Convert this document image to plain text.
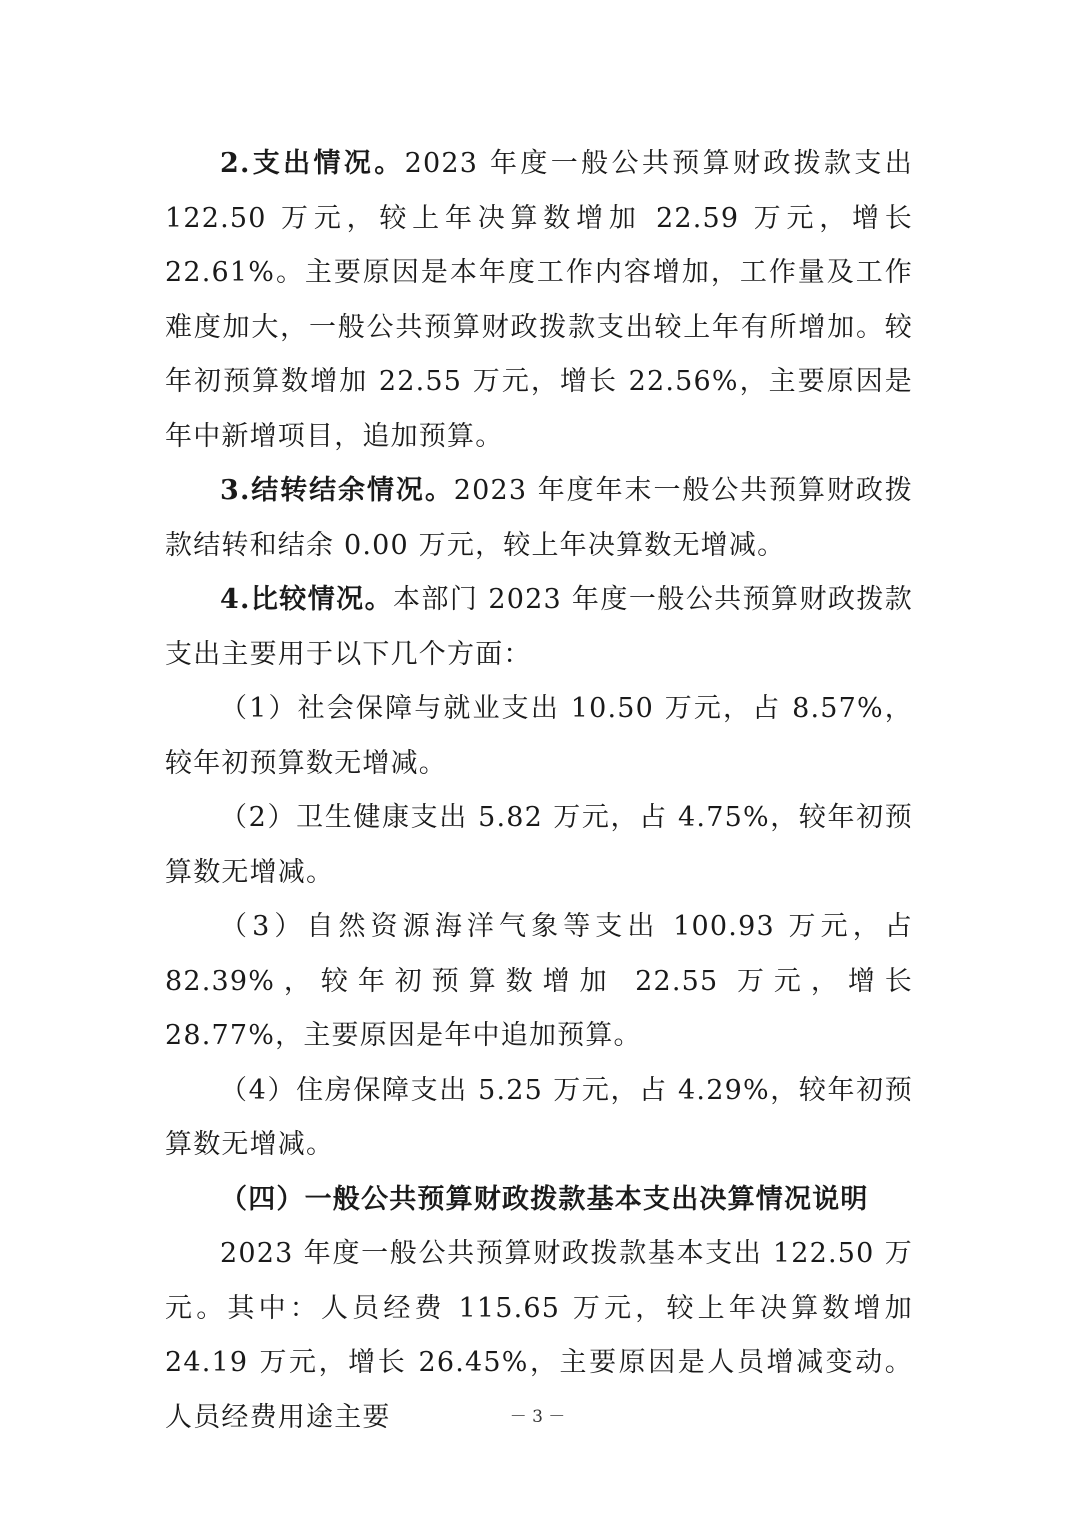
2.支出情况。2023 年度一般公共预算财政拨款支出 122.50 万元，较上年决算数增加 22.59 万元，增长 22.61%。主要原因是本年度工作内容增加，工作量及工作难度加大，一般公共预算财政拨款支出较上年有所增加。较年初预算数增加 22.55 万元，增长 22.56%，主要原因是年中新增项目，追加预算。

3.结转结余情况。2023 年度年末一般公共预算财政拨款结转和结余 0.00 万元，较上年决算数无增减。

4.比较情况。本部门 2023 年度一般公共预算财政拨款支出主要用于以下几个方面：

（1）社会保障与就业支出 10.50 万元，占 8.57%，较年初预算数无增减。

（2）卫生健康支出 5.82 万元，占 4.75%，较年初预算数无增减。

（3）自然资源海洋气象等支出 100.93 万元，占 82.39%，较年初预算数增加 22.55 万元，增长 28.77%，主要原因是年中追加预算。

（4）住房保障支出 5.25 万元，占 4.29%，较年初预算数无增减。

（四）一般公共预算财政拨款基本支出决算情况说明

2023 年度一般公共预算财政拨款基本支出 122.50 万元。其中：人员经费 115.65 万元，较上年决算数增加 24.19 万元，增长 26.45%，主要原因是人员增减变动。人员经费用途主要	－ 3 －
